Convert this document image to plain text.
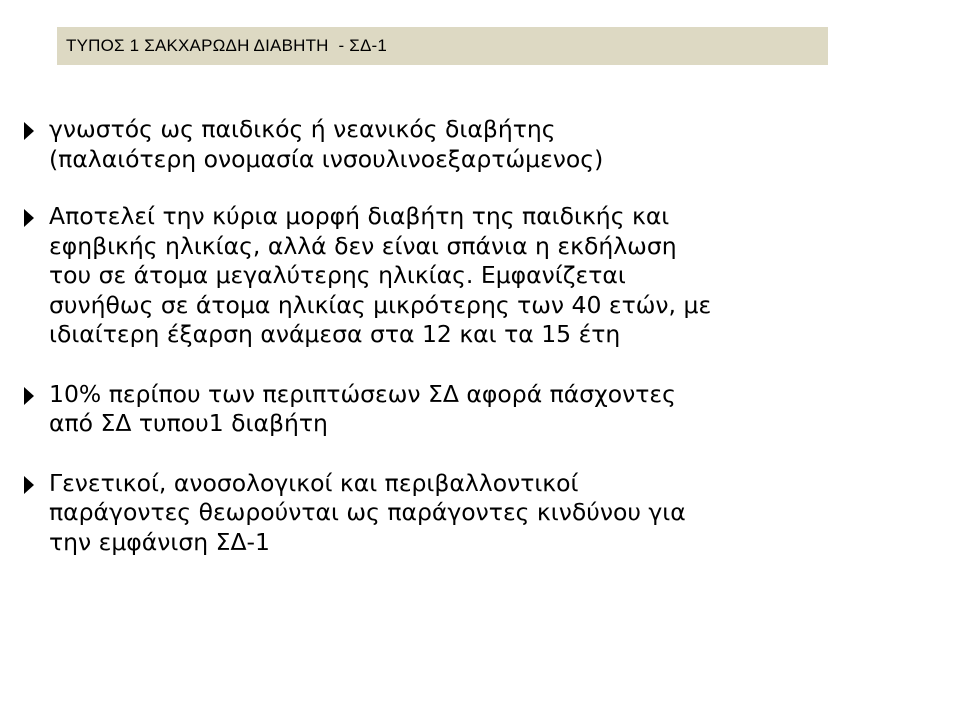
ΤΥΠΟΣ 1 ΣΑΚΧΑΡΩΔΗ ΔΙΑΒΗΤΗ  - ΣΔ-1
γνωστός ως παιδικός ή νεανικός διαβήτης
(παλαιότερη ονομασία ινσουλινοεξαρτώμενος)
Αποτελεί την κύρια μορφή διαβήτη της παιδικής και
εφηβικής ηλικίας, αλλά δεν είναι σπάνια η εκδήλωση
του σε άτομα μεγαλύτερης ηλικίας. Εμφανίζεται
συνήθως σε άτομα ηλικίας μικρότερης των 40 ετών, με
ιδιαίτερη έξαρση ανάμεσα στα 12 και τα 15 έτη
10% περίπου των περιπτώσεων ΣΔ αφορά πάσχοντες
από ΣΔ τυπου1 διαβήτη
Γενετικοί, ανοσολογικοί και περιβαλλοντικοί
παράγοντες θεωρούνται ως παράγοντες κινδύνου για
την εμφάνιση ΣΔ-1
